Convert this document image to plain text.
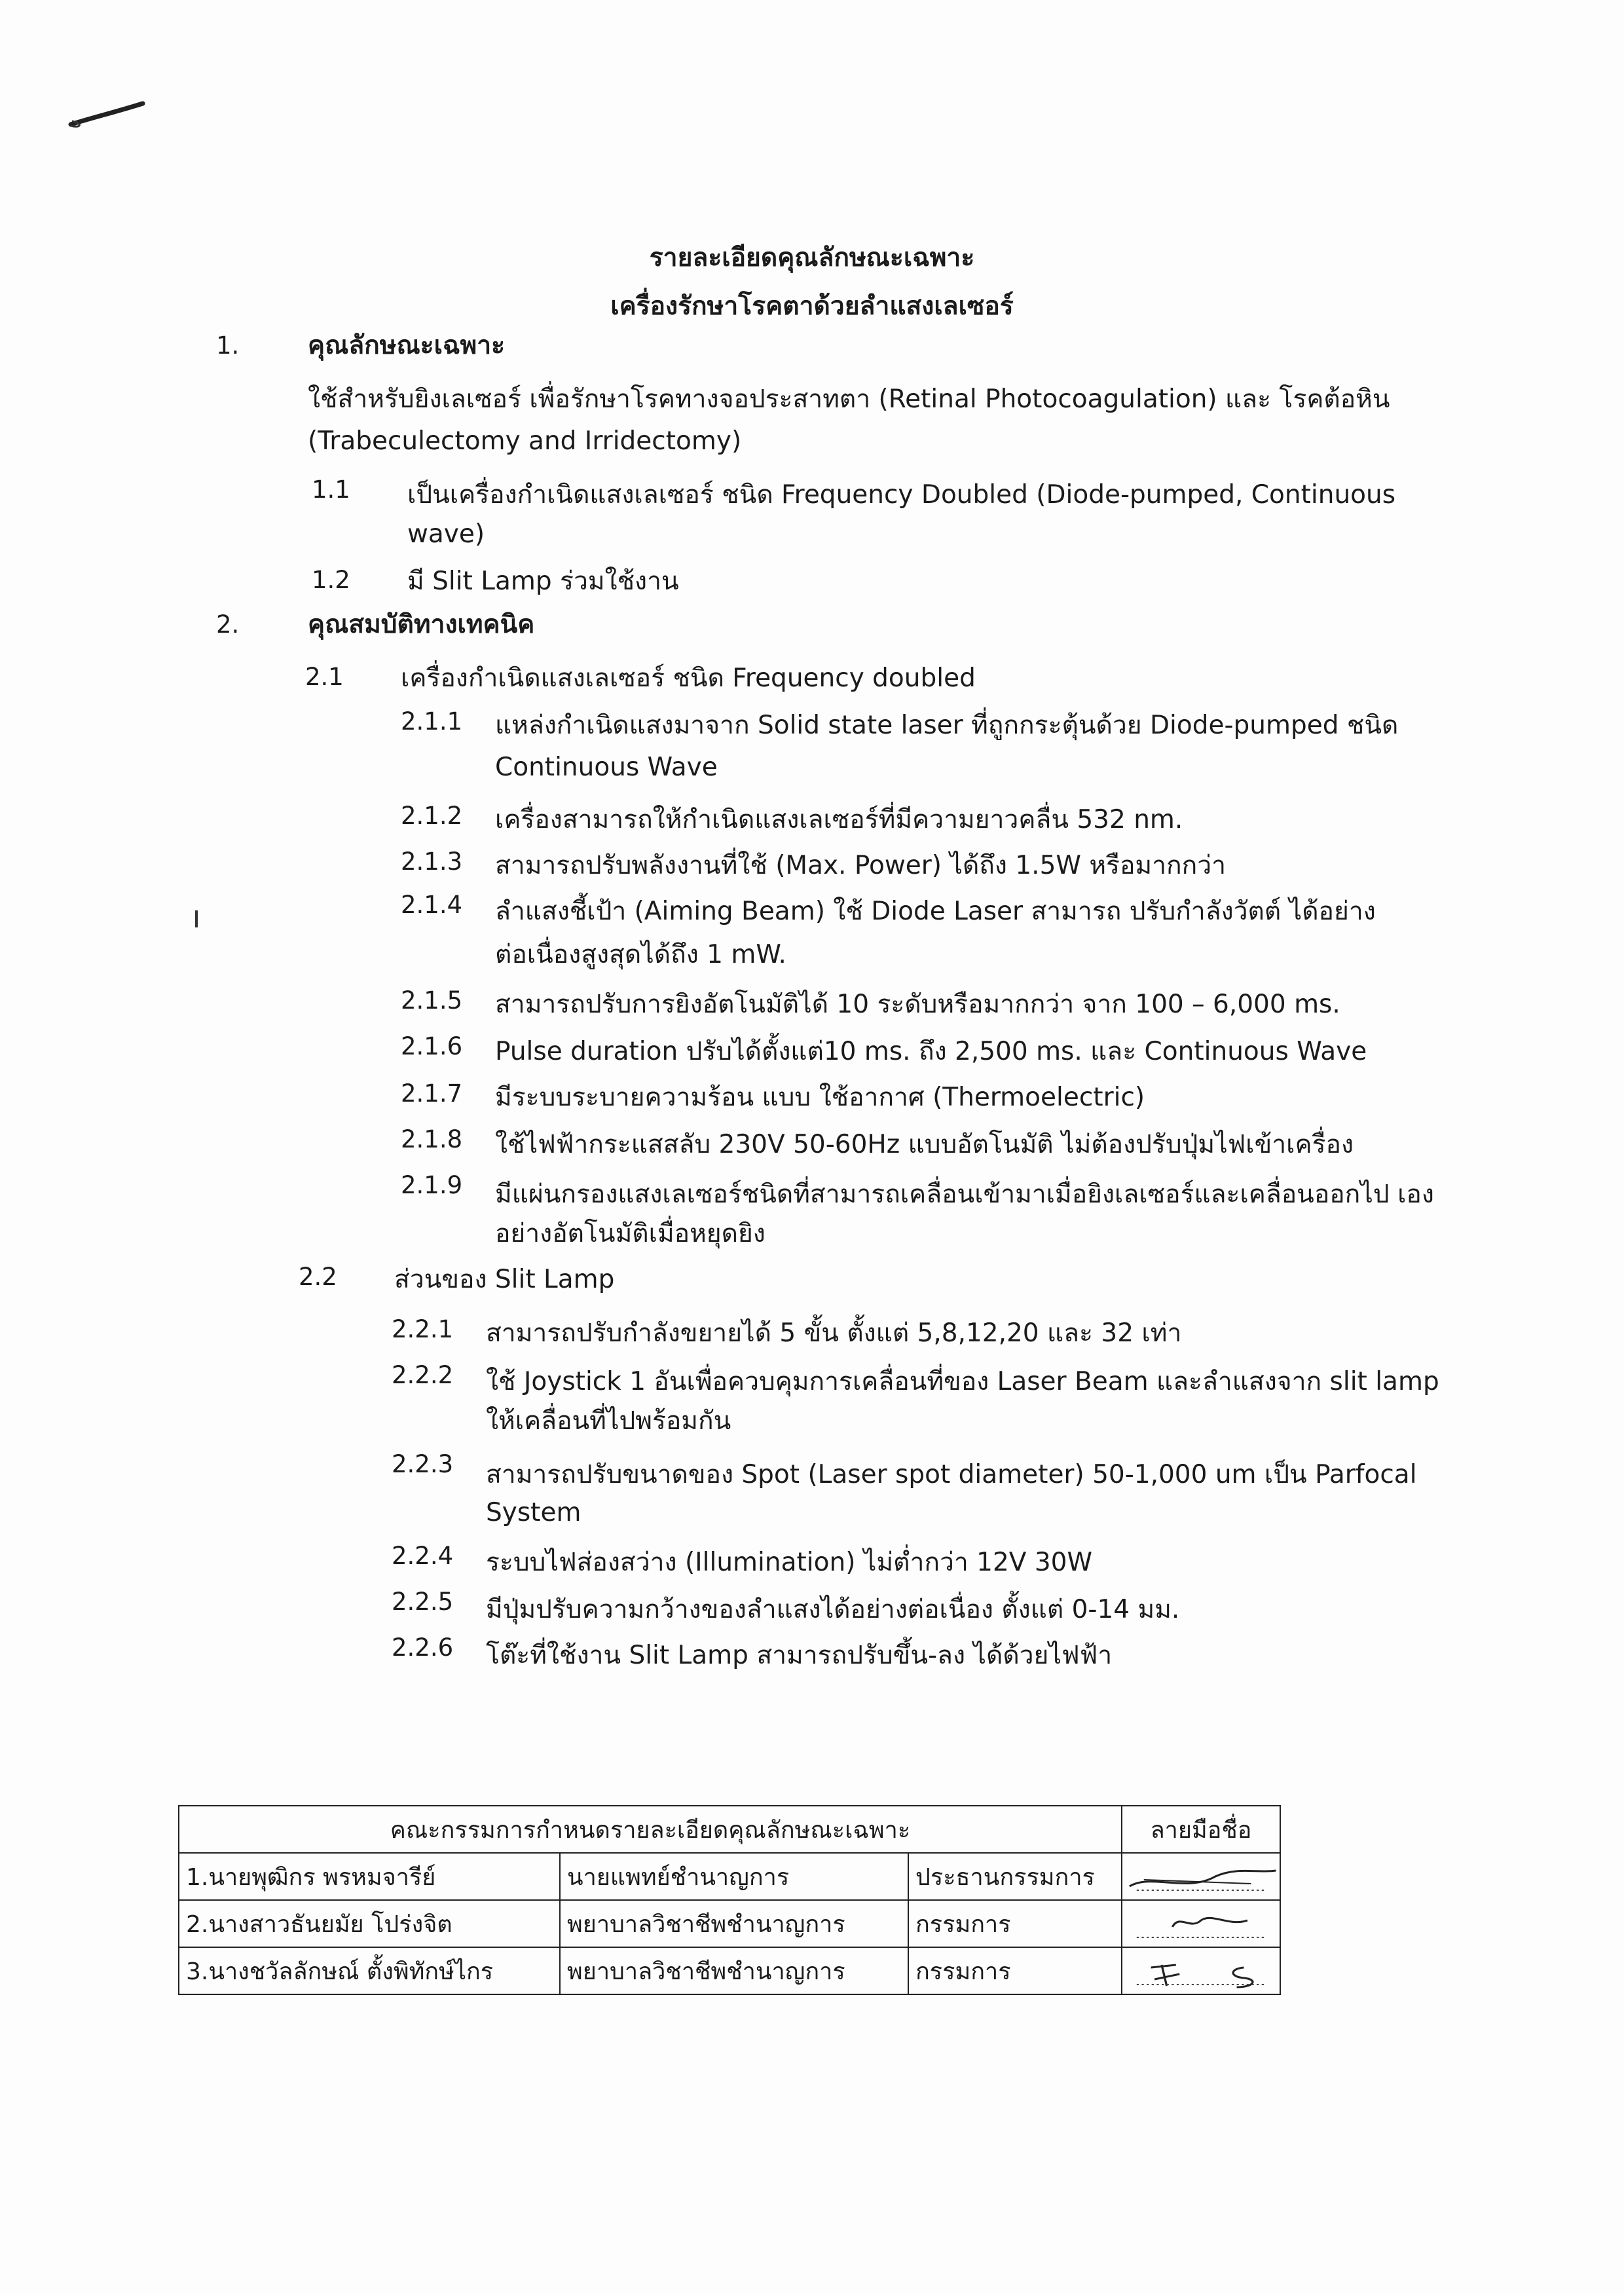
รายละเอียดคุณลักษณะเฉพาะ
เครื่องรักษาโรคตาด้วยลำแสงเลเซอร์
1.	คุณลักษณะเฉพาะ
ใช้สำหรับยิงเลเซอร์ เพื่อรักษาโรคทางจอประสาทตา (Retinal Photocoagulation) และ โรคต้อหิน
(Trabeculectomy and Irridectomy)
1.1 เป็นเครื่องกำเนิดแสงเลเซอร์ ชนิด Frequency Doubled (Diode-pumped, Continuous
wave)
1.2 มี Slit Lamp ร่วมใช้งาน
2.	คุณสมบัติทางเทคนิค
2.1 เครื่องกำเนิดแสงเลเซอร์ ชนิด Frequency doubled
2.1.1 แหล่งกำเนิดแสงมาจาก Solid state laser ที่ถูกกระตุ้นด้วย Diode-pumped ชนิด
Continuous Wave
2.1.2 เครื่องสามารถให้กำเนิดแสงเลเซอร์ที่มีความยาวคลื่น 532 nm.
2.1.3 สามารถปรับพลังงานที่ใช้ (Max. Power) ได้ถึง 1.5W หรือมากกว่า
2.1.4 ลำแสงชี้เป้า (Aiming Beam) ใช้ Diode Laser สามารถ ปรับกำลังวัตต์ ได้อย่าง
ต่อเนื่องสูงสุดได้ถึง 1 mW.
2.1.5 สามารถปรับการยิงอัตโนมัติได้ 10 ระดับหรือมากกว่า จาก 100 – 6,000 ms.
2.1.6 Pulse duration ปรับได้ตั้งแต่10 ms. ถึง 2,500 ms. และ Continuous Wave
2.1.7 มีระบบระบายความร้อน แบบ ใช้อากาศ (Thermoelectric)
2.1.8 ใช้ไฟฟ้ากระแสสลับ 230V 50-60Hz แบบอัตโนมัติ ไม่ต้องปรับปุ่มไฟเข้าเครื่อง
2.1.9 มีแผ่นกรองแสงเลเซอร์ชนิดที่สามารถเคลื่อนเข้ามาเมื่อยิงเลเซอร์และเคลื่อนออกไป เอง
อย่างอัตโนมัติเมื่อหยุดยิง
2.2 ส่วนของ Slit Lamp
2.2.1 สามารถปรับกำลังขยายได้ 5 ขั้น ตั้งแต่ 5,8,12,20 และ 32 เท่า
2.2.2 ใช้ Joystick 1 อันเพื่อควบคุมการเคลื่อนที่ของ Laser Beam และลำแสงจาก slit lamp
ให้เคลื่อนที่ไปพร้อมกัน
2.2.3 สามารถปรับขนาดของ Spot (Laser spot diameter) 50-1,000 um เป็น Parfocal
System
2.2.4 ระบบไฟส่องสว่าง (Illumination) ไม่ต่ำกว่า 12V 30W
2.2.5 มีปุ่มปรับความกว้างของลำแสงได้อย่างต่อเนื่อง ตั้งแต่ 0-14 มม.
2.2.6 โต๊ะที่ใช้งาน Slit Lamp สามารถปรับขึ้น-ลง ได้ด้วยไฟฟ้า
คณะกรรมการกำหนดรายละเอียดคุณลักษณะเฉพาะ			ลายมือชื่อ
1.นายพุฒิกร พรหมจารีย์	นายแพทย์ชำนาญการ	ประธานกรรมการ	

2.นางสาวธันยมัย โปร่งจิต	พยาบาลวิชาชีพชำนาญการ	กรรมการ	

3.นางชวัลลักษณ์ ตั้งพิทักษ์ไกร	พยาบาลวิชาชีพชำนาญการ	กรรมการ	
